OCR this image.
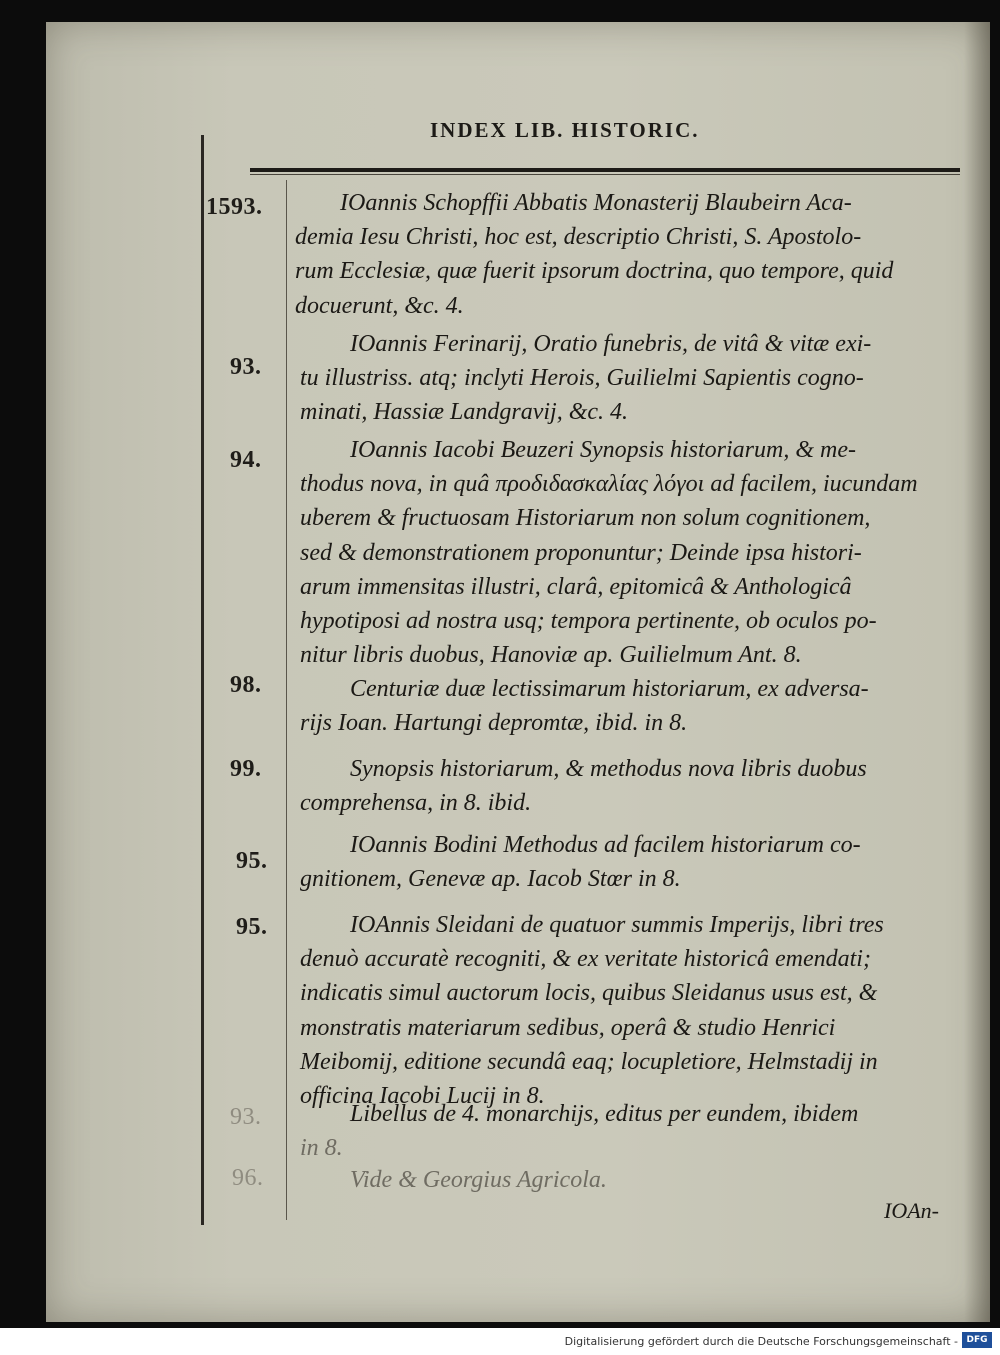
INDEX LIB. HISTORIC.
1593.
93.
94.
98.
99.
95.
95.
93.
96.
IOannis Schopffii Abbatis Monasterij Blaubeirn Aca-
demia Iesu Christi, hoc est, descriptio Christi, S. Apostolo-
rum Ecclesiæ, quæ fuerit ipsorum doctrina, quo tempore, quid
docuerunt, &c. 4.
IOannis Ferinarij, Oratio funebris, de vitâ & vitæ exi-
tu illustriss. atq; inclyti Herois, Guilielmi Sapientis cogno-
minati, Hassiæ Landgravij, &c. 4.
IOannis Iacobi Beuzeri Synopsis historiarum, & me-
thodus nova, in quâ προδιδασκαλίας λόγοι ad facilem, iucundam
uberem & fructuosam Historiarum non solum cognitionem,
sed & demonstrationem proponuntur; Deinde ipsa histori-
arum immensitas illustri, clarâ, epitomicâ & Anthologicâ
hypotiposi ad nostra usq; tempora pertinente, ob oculos po-
nitur libris duobus, Hanoviæ ap. Guilielmum Ant. 8.
Centuriæ duæ lectissimarum historiarum, ex adversa-
rijs Ioan. Hartungi depromtæ, ibid. in 8.
Synopsis historiarum, & methodus nova libris duobus
comprehensa, in 8. ibid.
IOannis Bodini Methodus ad facilem historiarum co-
gnitionem, Genevæ ap. Iacob Stœr in 8.
IOAnnis Sleidani de quatuor summis Imperijs, libri tres
denuò accuratè recogniti, & ex veritate historicâ emendati;
indicatis simul auctorum locis, quibus Sleidanus usus est, &
monstratis materiarum sedibus, operâ & studio Henrici
Meibomij, editione secundâ eaq; locupletiore, Helmstadij in
officina Iacobi Lucij in 8.
Libellus de 4. monarchijs, editus per eundem, ibidem
in 8.
Vide & Georgius Agricola.
IOAn-
Digitalisierung gefördert durch die Deutsche Forschungsgemeinschaft - DFG
